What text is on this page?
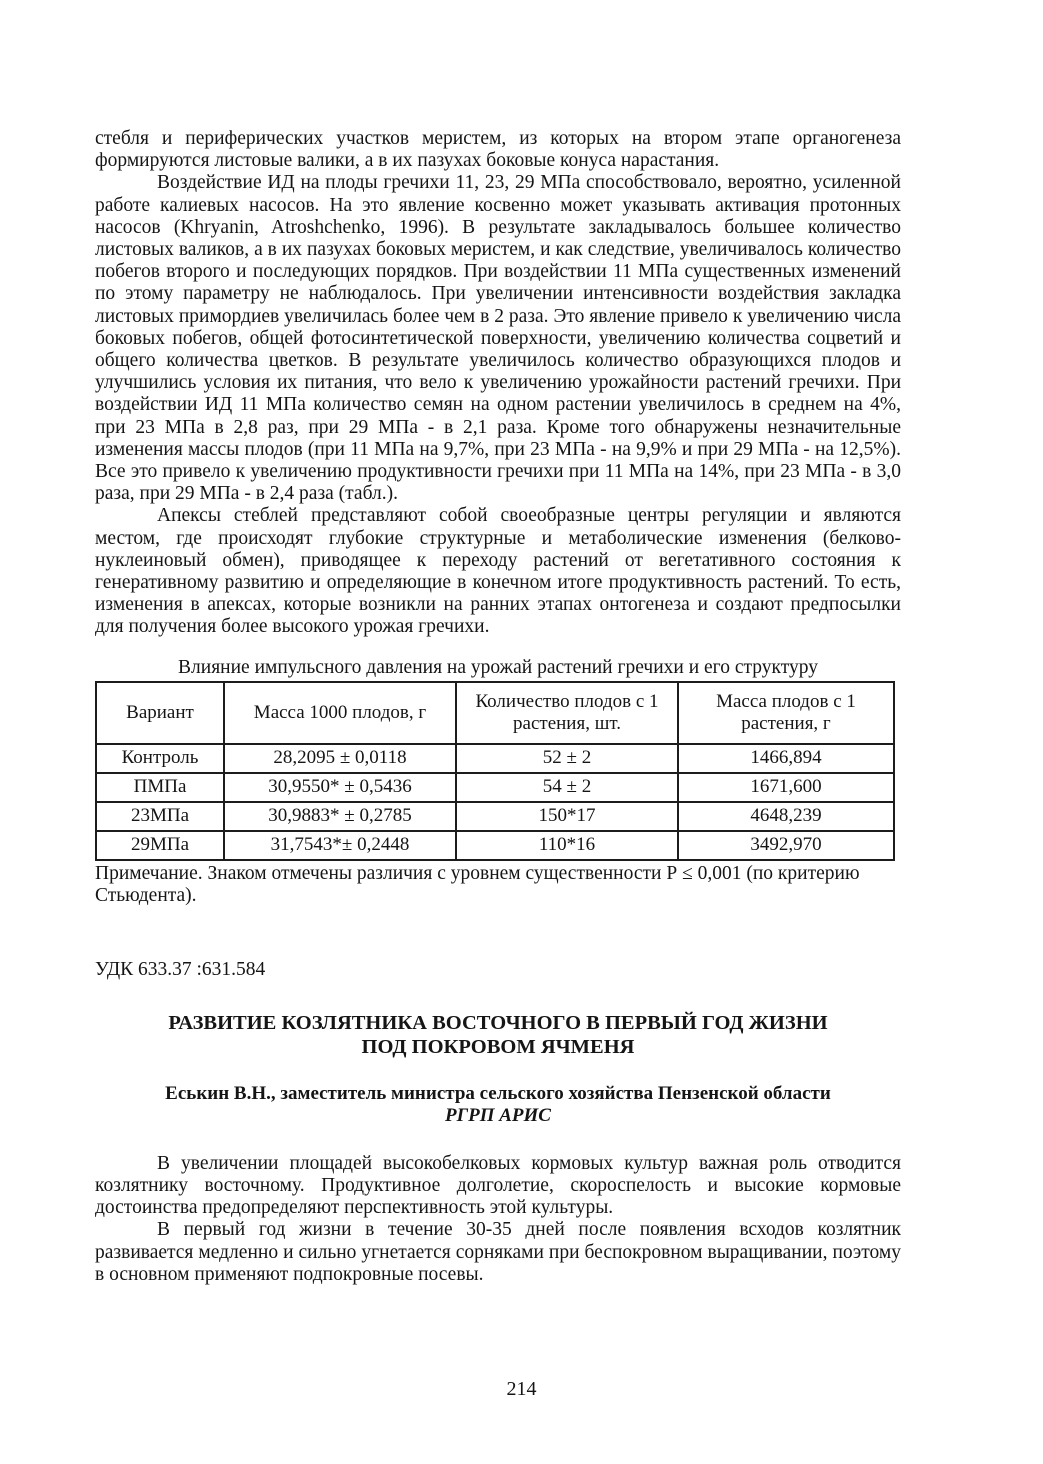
стебля и периферических участков меристем, из которых на втором этапе органогенеза формируются листовые валики, а в их пазухах боковые конуса нарастания.

Воздействие ИД на плоды гречихи 11, 23, 29 МПа способствовало, вероятно, усиленной работе калиевых насосов. На это явление косвенно может указывать активация протонных насосов (Khryanin, Atroshchenko, 1996). В результате закладывалось большее количество листовых валиков, а в их пазухах боковых меристем, и как следствие, увеличивалось количество побегов второго и последующих порядков. При воздействии 11 МПа существенных изменений по этому параметру не наблюдалось. При увеличении интенсивности воздействия закладка листовых примордиев увеличилась более чем в 2 раза. Это явление привело к увеличению числа боковых побегов, общей фотосинтетической поверхности, увеличению количества соцветий и общего количества цветков. В результате увеличилось количество образующихся плодов и улучшились условия их питания, что вело к увеличению урожайности растений гречихи. При воздействии ИД 11 МПа количество семян на одном растении увеличилось в среднем на 4%, при 23 МПа в 2,8 раз, при 29 МПа - в 2,1 раза. Кроме того обнаружены незначительные изменения массы плодов (при 11 МПа на 9,7%, при 23 МПа - на 9,9% и при 29 МПа - на 12,5%). Все это привело к увеличению продуктивности гречихи при 11 МПа на 14%, при 23 МПа - в 3,0 раза, при 29 МПа - в 2,4 раза (табл.).

Апексы стеблей представляют собой своеобразные центры регуляции и являются местом, где происходят глубокие структурные и метаболические изменения (белково-нуклеиновый обмен), приводящее к переходу растений от вегетативного состояния к генеративному развитию и определяющие в конечном итоге продуктивность растений. То есть, изменения в апексах, которые возникли на ранних этапах онтогенеза и создают предпосылки для получения более высокого урожая гречихи.

Влияние импульсного давления на урожай растений гречихи и его структуру
Вариант	Масса 1000 плодов, г	Количество плодов с 1 растения, шт.	Масса плодов с 1 растения, г
Контроль	28,2095 ± 0,0118	52 ± 2	1466,894
ПМПа	30,9550* ± 0,5436	54 ± 2	1671,600
23МПа	30,9883* ± 0,2785	150*17	4648,239
29МПа	31,7543*± 0,2448	110*16	3492,970

Примечание. Знаком отмечены различия с уровнем существенности Р ≤ 0,001 (по критерию Стьюдента).

УДК 633.37 :631.584

РАЗВИТИЕ КОЗЛЯТНИКА ВОСТОЧНОГО В ПЕРВЫЙ ГОД ЖИЗНИ
ПОД ПОКРОВОМ ЯЧМЕНЯ
Еськин В.Н., заместитель министра сельского хозяйства Пензенской области
РГРП АРИС

В увеличении площадей высокобелковых кормовых культур важная роль отводится козлятнику восточному. Продуктивное долголетие, скороспелость и высокие кормовые достоинства предопределяют перспективность этой культуры.

В первый год жизни в течение 30-35 дней после появления всходов козлятник развивается медленно и сильно угнетается сорняками при беспокровном выращивании, поэтому в основном применяют подпокровные посевы.

214
